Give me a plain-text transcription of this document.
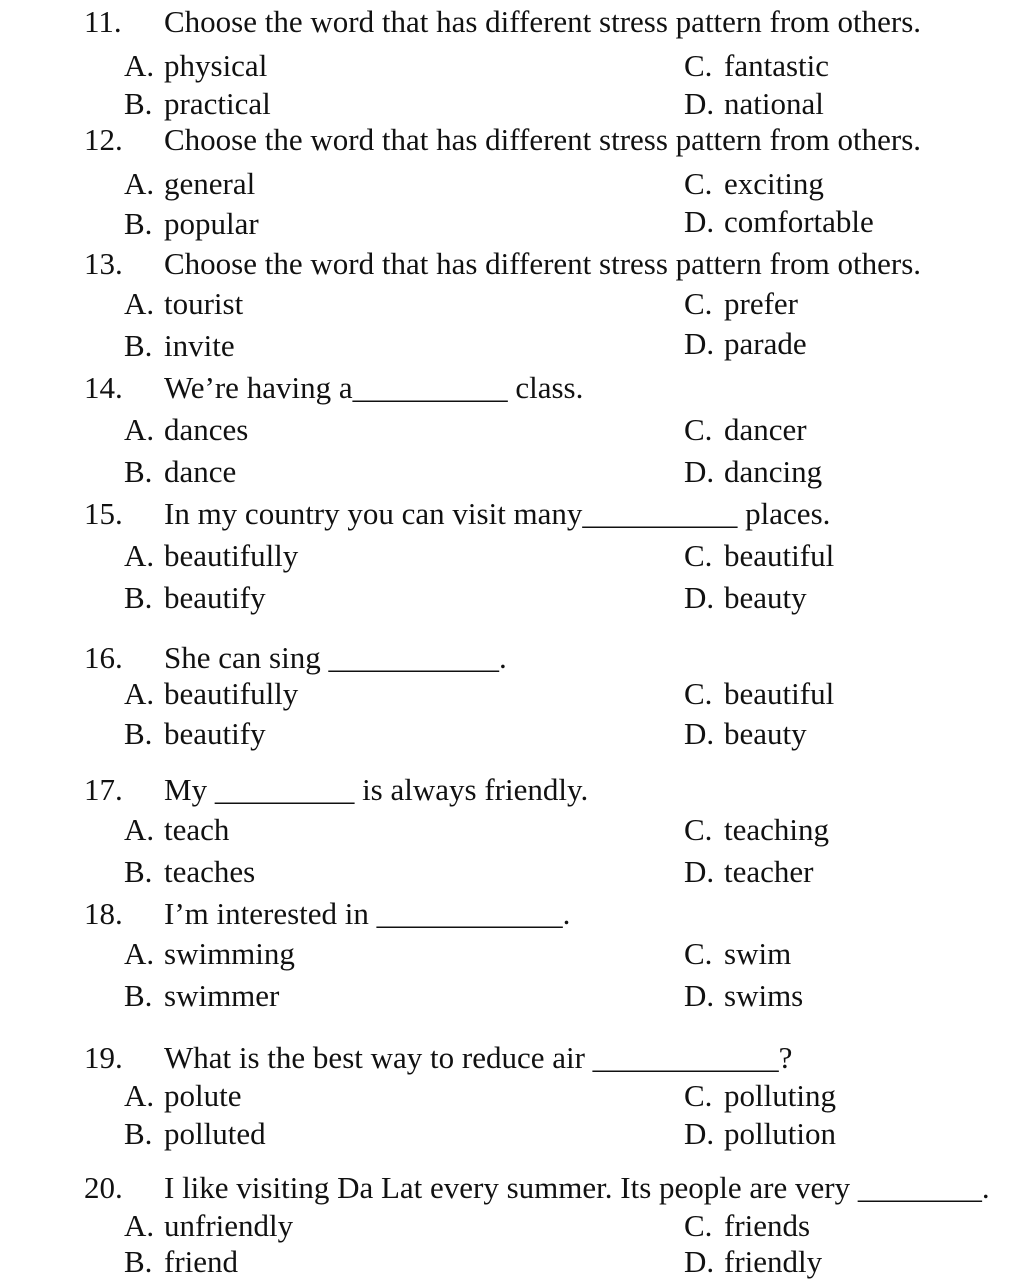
11. Choose the word that has different stress pattern from others.
A. physical	C. fantastic
B. practical	D. national
12. Choose the word that has different stress pattern from others.
A. general	C. exciting
B. popular	D. comfortable
13. Choose the word that has different stress pattern from others.
A. tourist	C. prefer
B. invite	D. parade
14. We’re having a__________ class.
A. dances	C. dancer
B. dance	D. dancing
15. In my country you can visit many__________ places.
A. beautifully	C. beautiful
B. beautify	D. beauty
16. She can sing ___________.
A. beautifully	C. beautiful
B. beautify	D. beauty
17. My _________ is always friendly.
A. teach	C. teaching
B. teaches	D. teacher
18. I’m interested in ____________.
A. swimming	C. swim
B. swimmer	D. swims
19. What is the best way to reduce air ____________?
A. polute	C. polluting
B. polluted	D. pollution
20. I like visiting Da Lat every summer. Its people are very ________.
A. unfriendly	C. friends
B. friend	D. friendly
